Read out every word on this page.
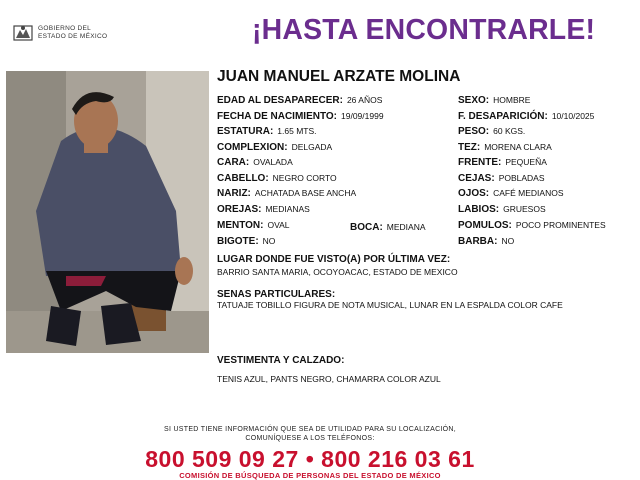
GOBIERNO DEL
ESTADO DE MÉXICO	¡HASTA ENCONTRARLE!
JUAN MANUEL ARZATE MOLINA
EDAD AL DESAPARECER: 26 AÑOS
FECHA DE NACIMIENTO: 19/09/1999
ESTATURA: 1.65 MTS.
COMPLEXION: DELGADA
CARA: OVALADA
CABELLO: NEGRO CORTO
NARIZ: ACHATADA BASE ANCHA
OREJAS: MEDIANAS
MENTON: OVAL	BOCA: MEDIANA
BIGOTE: NO
SEXO: HOMBRE
F. DESAPARICIÓN: 10/10/2025
PESO: 60 KGS.
TEZ: MORENA CLARA
FRENTE: PEQUEÑA
CEJAS: POBLADAS
OJOS: CAFÉ MEDIANOS
LABIOS: GRUESOS
POMULOS: POCO PROMINENTES
BARBA: NO
LUGAR DONDE FUE VISTO(A) POR ÚLTIMA VEZ:
BARRIO SANTA MARIA, OCOYOACAC, ESTADO DE MEXICO
SENAS PARTICULARES:
TATUAJE TOBILLO FIGURA DE NOTA MUSICAL, LUNAR EN LA ESPALDA COLOR CAFE
VESTIMENTA Y CALZADO:
TENIS AZUL, PANTS NEGRO, CHAMARRA COLOR AZUL
SI USTED TIENE INFORMACIÓN QUE SEA DE UTILIDAD PARA SU LOCALIZACIÓN,
COMUNÍQUESE A LOS TELÉFONOS:
800 509 09 27 • 800 216 03 61
COMISIÓN DE BÚSQUEDA DE PERSONAS DEL ESTADO DE MÉXICO
